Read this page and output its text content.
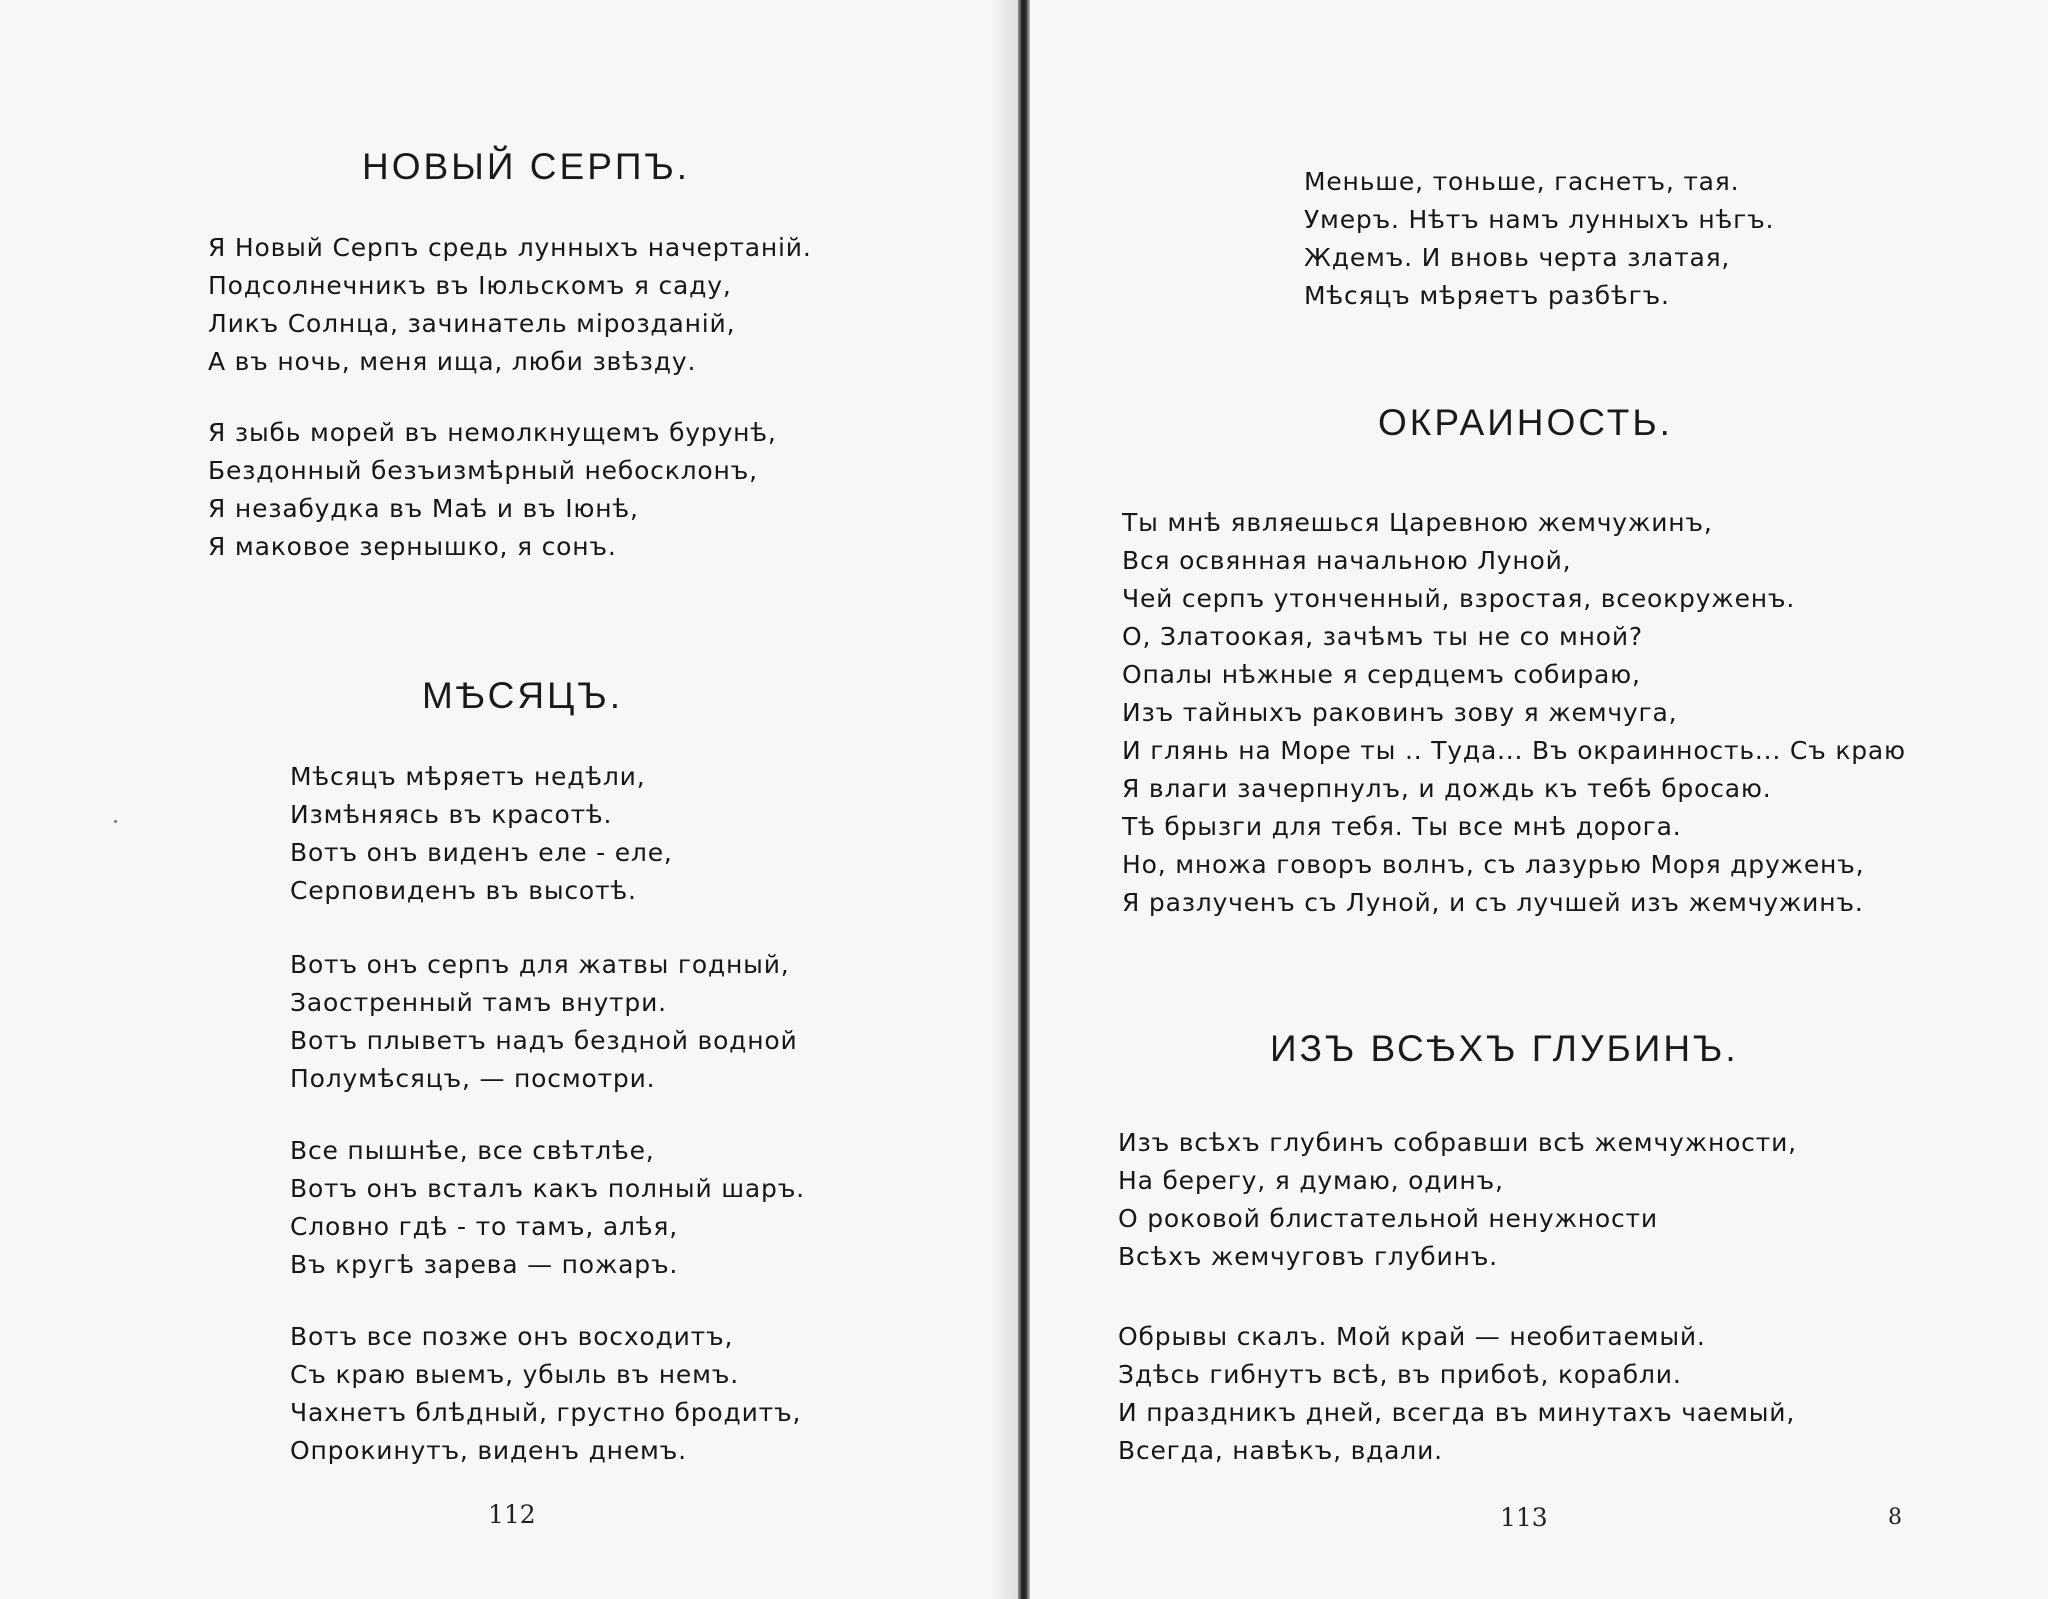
НОВЫЙ СЕРПЪ.
Я Новый Серпъ средь лунныхъ начертаній.
Подсолнечникъ въ Іюльскомъ я саду,
Ликъ Солнца, зачинатель мірозданій,
А въ ночь, меня ища, люби звѣзду.
Я зыбь морей въ немолкнущемъ бурунѣ,
Бездонный безъизмѣрный небосклонъ,
Я незабудка въ Маѣ и въ Іюнѣ,
Я маковое зернышко, я сонъ.
МѢСЯЦЪ.
Мѣсяцъ мѣряетъ недѣли,
Измѣняясь въ красотѣ.
Вотъ онъ виденъ еле - еле,
Серповиденъ въ высотѣ.
Вотъ онъ серпъ для жатвы годный,
Заостренный тамъ внутри.
Вотъ плыветъ надъ бездной водной
Полумѣсяцъ, — посмотри.
Все пышнѣе, все свѣтлѣе,
Вотъ онъ всталъ какъ полный шаръ.
Словно гдѣ - то тамъ, алѣя,
Въ кругѣ зарева — пожаръ.
Вотъ все позже онъ восходитъ,
Съ краю выемъ, убыль въ немъ.
Чахнетъ блѣдный, грустно бродитъ,
Опрокинутъ, виденъ днемъ.
112
Меньше, тоньше, гаснетъ, тая.
Умеръ. Нѣтъ намъ лунныхъ нѣгъ.
Ждемъ. И вновь черта златая,
Мѣсяцъ мѣряетъ разбѣгъ.
ОКРАИНОСТЬ.
Ты мнѣ являешься Царевною жемчужинъ,
Вся освянная начальною Луной,
Чей серпъ утонченный, взростая, всеокруженъ.
О, Златоокая, зачѣмъ ты не со мной?
Опалы нѣжные я сердцемъ собираю,
Изъ тайныхъ раковинъ зову я жемчуга,
И глянь на Море ты .. Туда... Въ окраинность... Съ краю
Я влаги зачерпнулъ, и дождь къ тебѣ бросаю.
Тѣ брызги для тебя. Ты все мнѣ дорога.
Но, множа говоръ волнъ, съ лазурью Моря друженъ,
Я разлученъ съ Луной, и съ лучшей изъ жемчужинъ.
ИЗЪ ВСѢХЪ ГЛУБИНЪ.
Изъ всѣхъ глубинъ собравши всѣ жемчужности,
На берегу, я думаю, одинъ,
О роковой блистательной ненужности
Всѣхъ жемчуговъ глубинъ.
Обрывы скалъ. Мой край — необитаемый.
Здѣсь гибнутъ всѣ, въ прибоѣ, корабли.
И праздникъ дней, всегда въ минутахъ чаемый,
Всегда, навѣкъ, вдали.
113	8
